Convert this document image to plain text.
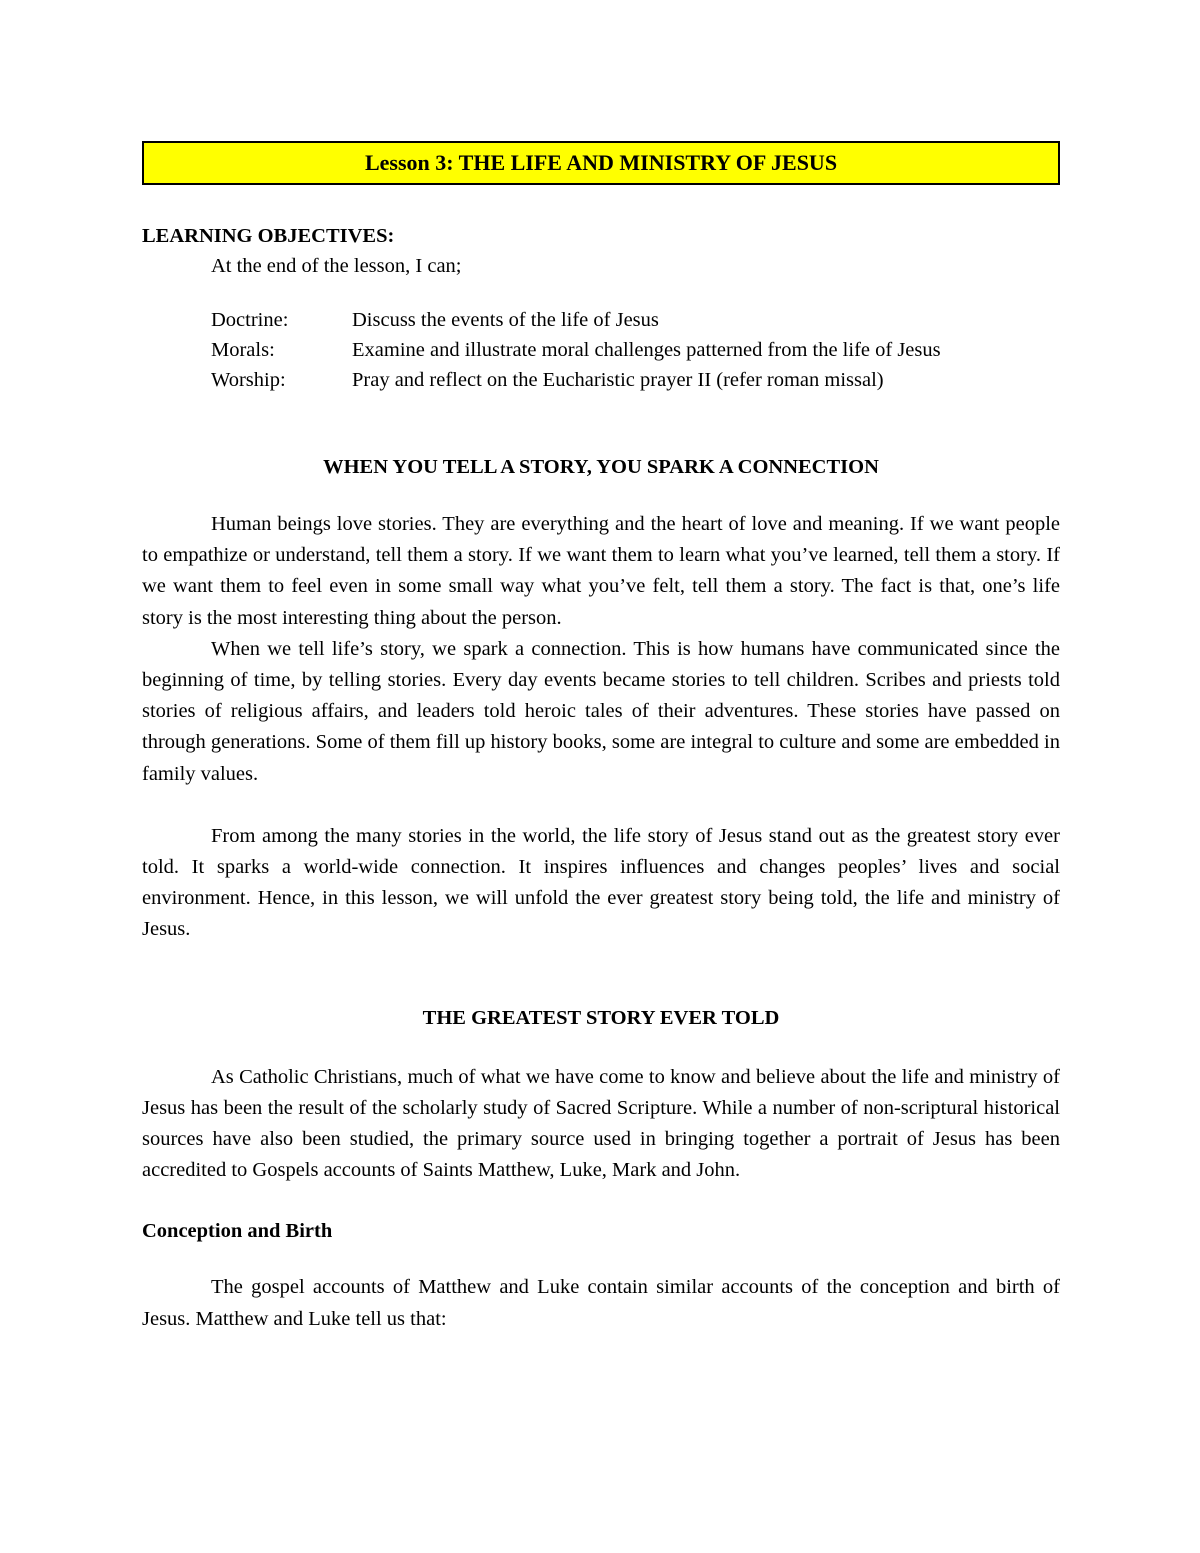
Lesson 3: THE LIFE AND MINISTRY OF JESUS
LEARNING OBJECTIVES:
At the end of the lesson, I can;
Doctrine:	Discuss the events of the life of Jesus
Morals:	Examine and illustrate moral challenges patterned from the life of Jesus
Worship:	Pray and reflect on the Eucharistic prayer II (refer roman missal)
WHEN YOU TELL A STORY, YOU SPARK A CONNECTION

Human beings love stories. They are everything and the heart of love and meaning. If we want people to empathize or understand, tell them a story. If we want them to learn what you’ve learned, tell them a story. If we want them to feel even in some small way what you’ve felt, tell them a story. The fact is that, one’s life story is the most interesting thing about the person.

When we tell life’s story, we spark a connection. This is how humans have communicated since the beginning of time, by telling stories. Every day events became stories to tell children. Scribes and priests told stories of religious affairs, and leaders told heroic tales of their adventures. These stories have passed on through generations. Some of them fill up history books, some are integral to culture and some are embedded in family values.

From among the many stories in the world, the life story of Jesus stand out as the greatest story ever told. It sparks a world-wide connection. It inspires influences and changes peoples’ lives and social environment. Hence, in this lesson, we will unfold the ever greatest story being told, the life and ministry of Jesus.

THE GREATEST STORY EVER TOLD

As Catholic Christians, much of what we have come to know and believe about the life and ministry of Jesus has been the result of the scholarly study of Sacred Scripture. While a number of non-scriptural historical sources have also been studied, the primary source used in bringing together a portrait of Jesus has been accredited to Gospels accounts of Saints Matthew, Luke, Mark and John.

Conception and Birth

The gospel accounts of Matthew and Luke contain similar accounts of the conception and birth of Jesus. Matthew and Luke tell us that:
